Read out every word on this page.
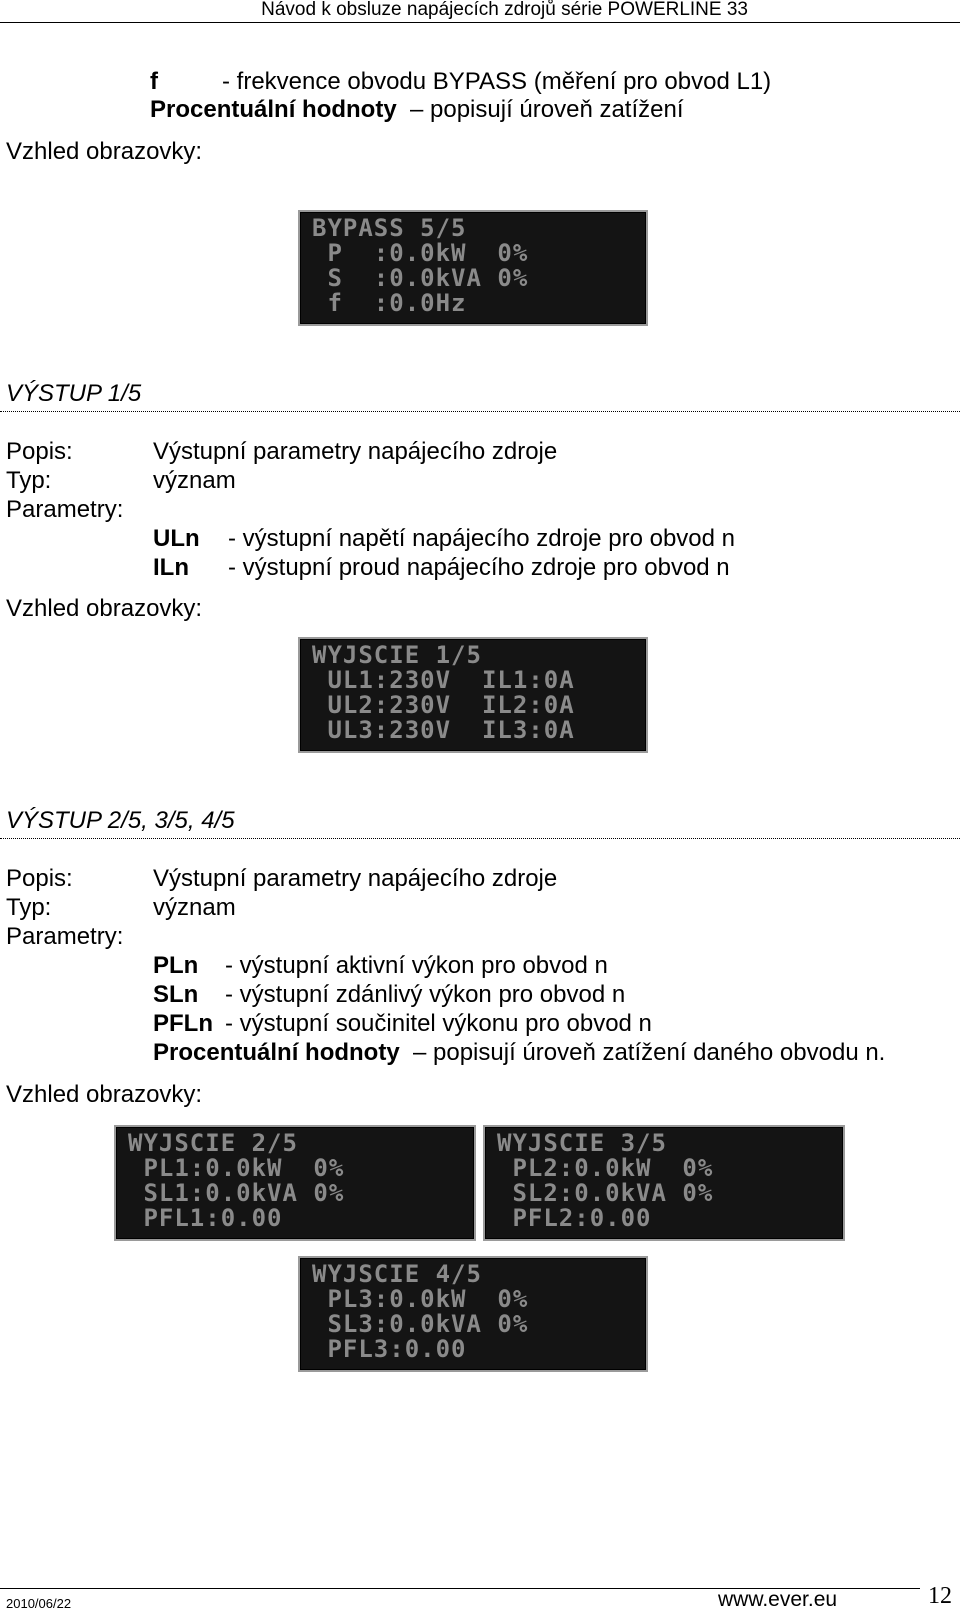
Návod k obsluze napájecích zdrojů série POWERLINE 33
f	- frekvence obvodu BYPASS (měření pro obvod L1)
Procentuální hodnoty – popisují úroveň zatížení
Vzhled obrazovky:
BYPASS 5/5
P  :0.0kW  0%
S  :0.0kVA 0%
f  :0.0Hz
VÝSTUP 1/5
Popis:	Výstupní parametry napájecího zdroje
Typ:	význam
Parametry:
ULn - výstupní napětí napájecího zdroje pro obvod n
ILn - výstupní proud napájecího zdroje pro obvod n
Vzhled obrazovky:
WYJSCIE 1/5
UL1:230V  IL1:0A
UL2:230V  IL2:0A
UL3:230V  IL3:0A
VÝSTUP 2/5, 3/5, 4/5
Popis:	Výstupní parametry napájecího zdroje
Typ:	význam
Parametry:
PLn - výstupní aktivní výkon pro obvod n
SLn - výstupní zdánlivý výkon pro obvod n
PFLn - výstupní součinitel výkonu pro obvod n
Procentuální hodnoty – popisují úroveň zatížení daného obvodu n.
Vzhled obrazovky:
WYJSCIE 2/5
PL1:0.0kW  0%
SL1:0.0kVA 0%
PFL1:0.00
WYJSCIE 3/5
PL2:0.0kW  0%
SL2:0.0kVA 0%
PFL2:0.00
WYJSCIE 4/5
PL3:0.0kW  0%
SL3:0.0kVA 0%
PFL3:0.00
2010/06/22	www.ever.eu	12
